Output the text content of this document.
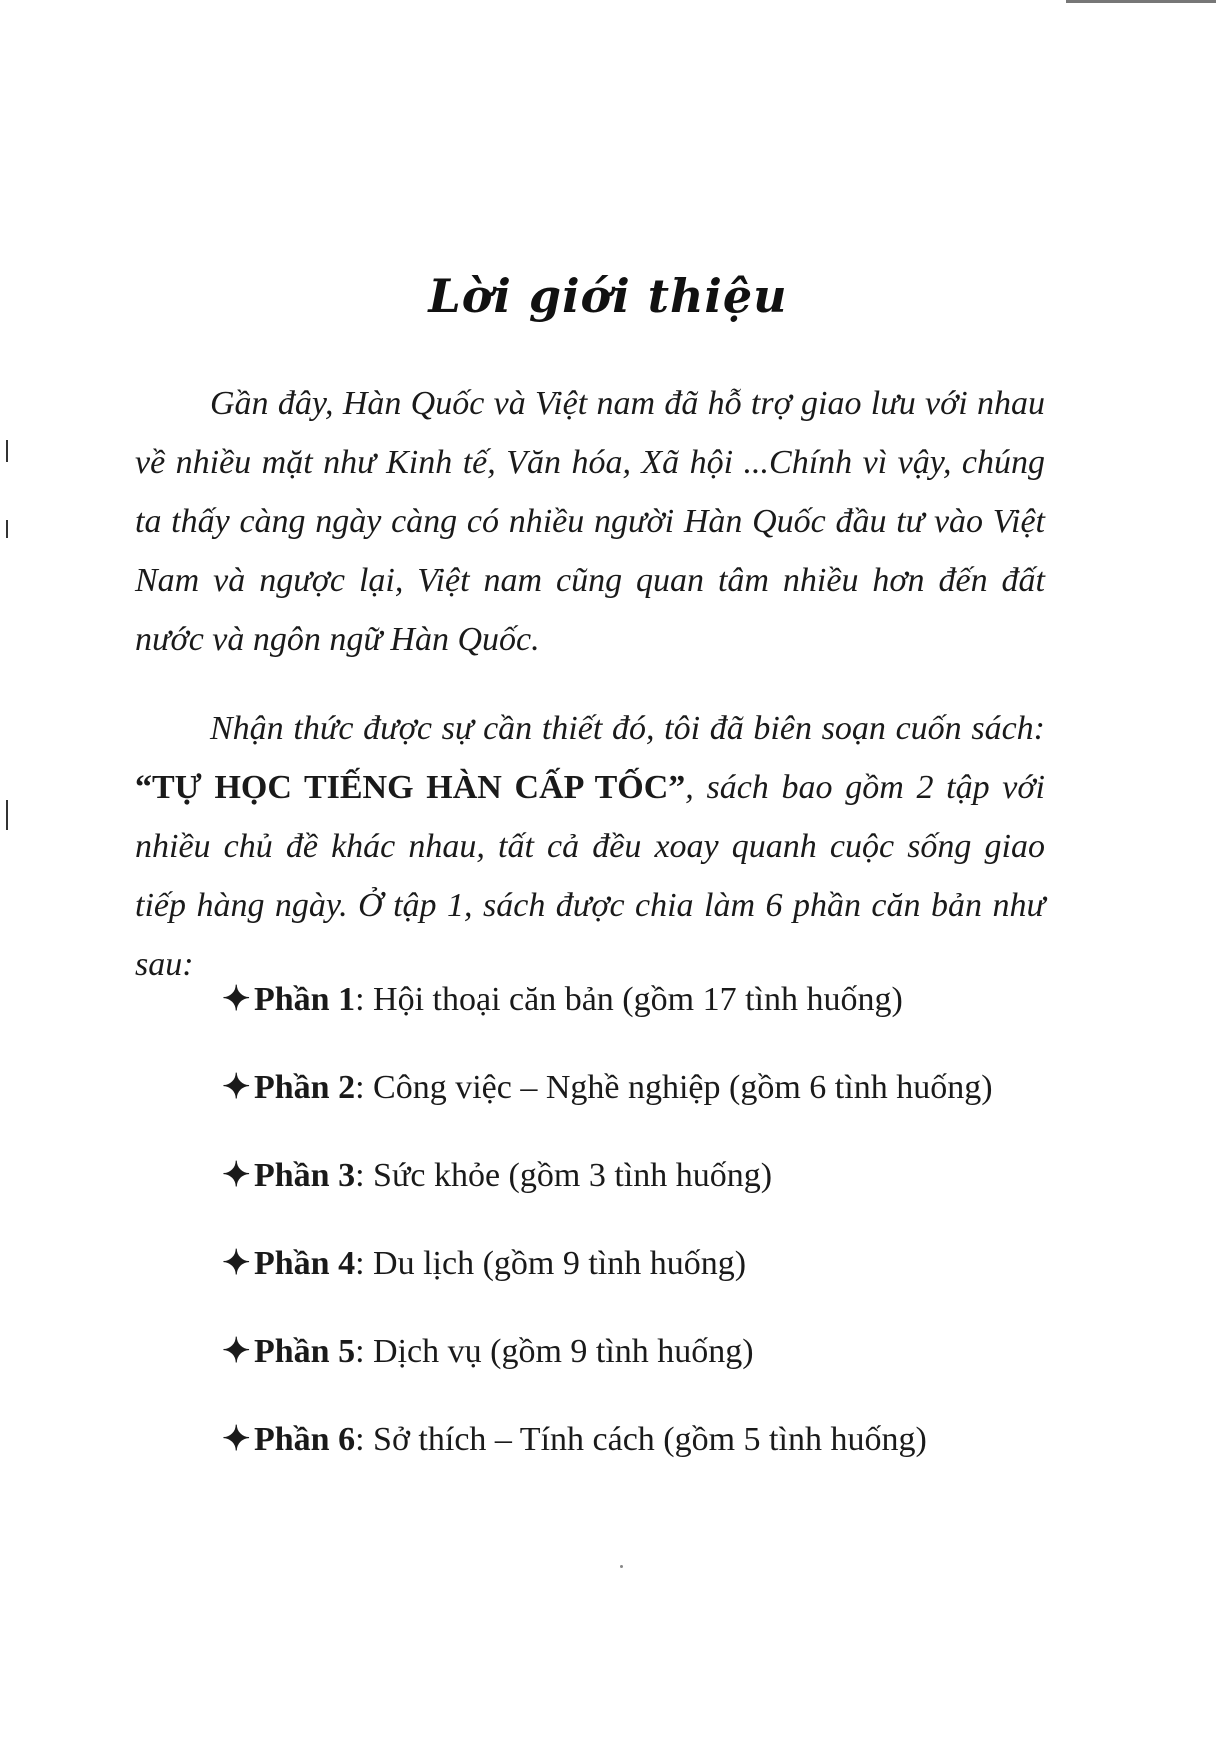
Lời giới thiệu

Gần đây, Hàn Quốc và Việt nam đã hỗ trợ giao lưu với nhau về nhiều mặt như Kinh tế, Văn hóa, Xã hội ...Chính vì vậy, chúng ta thấy càng ngày càng có nhiều người Hàn Quốc đầu tư vào Việt Nam và ngược lại, Việt nam cũng quan tâm nhiều hơn đến đất nước và ngôn ngữ Hàn Quốc.

Nhận thức được sự cần thiết đó, tôi đã biên soạn cuốn sách: “TỰ HỌC TIẾNG HÀN CẤP TỐC”, sách bao gồm 2 tập với nhiều chủ đề khác nhau, tất cả đều xoay quanh cuộc sống giao tiếp hàng ngày. Ở tập 1, sách được chia làm 6 phần căn bản như sau:

✦ Phần 1: Hội thoại căn bản (gồm 17 tình huống)
✦ Phần 2: Công việc – Nghề nghiệp (gồm 6 tình huống)
✦ Phần 3: Sức khỏe (gồm 3 tình huống)
✦ Phần 4: Du lịch (gồm 9 tình huống)
✦ Phần 5: Dịch vụ (gồm 9 tình huống)
✦ Phần 6: Sở thích – Tính cách (gồm 5 tình huống)
